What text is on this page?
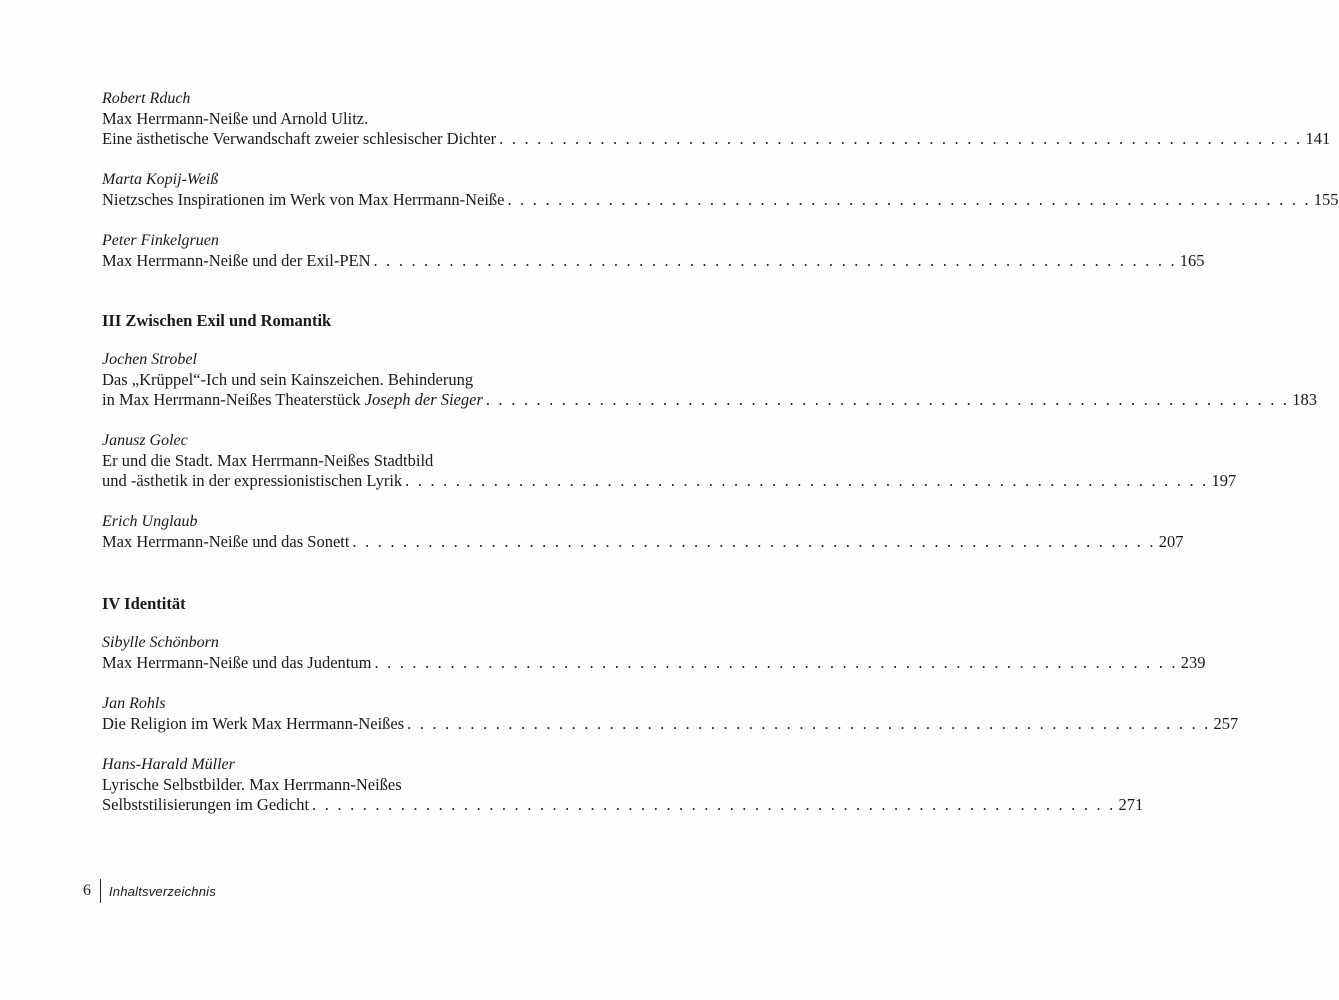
Robert Rduch
Max Herrmann-Neiße und Arnold Ulitz.
Eine ästhetische Verwandschaft zweier schlesischer Dichter . . . . . . . . . . . . . . . . . . . . . . . . . . . . . . . . . . . . . . . . . . . . . . . . . . . . . . . . . . . . . . . . 141
Marta Kopij-Weiß
Nietzsches Inspirationen im Werk von Max Herrmann-Neiße . . . . . . . . . . . . . . . . . . . . . . . . . . . . . . . . . . . . . . . . . . . . . . . . . . . . . . . . . . . . . . . . 155
Peter Finkelgruen
Max Herrmann-Neiße und der Exil-PEN . . . . . . . . . . . . . . . . . . . . . . . . . . . . . . . . . . . . . . . . . . . . . . . . . . . . . . . . . . . . . . . . 165
III Zwischen Exil und Romantik
Jochen Strobel
Das „Krüppel“-Ich und sein Kainszeichen. Behinderung
in Max Herrmann-Neißes Theaterstück Joseph der Sieger . . . . . . . . . . . . . . . . . . . . . . . . . . . . . . . . . . . . . . . . . . . . . . . . . . . . . . . . . . . . . . . . 183
Janusz Golec
Er und die Stadt. Max Herrmann-Neißes Stadtbild
und -ästhetik in der expressionistischen Lyrik . . . . . . . . . . . . . . . . . . . . . . . . . . . . . . . . . . . . . . . . . . . . . . . . . . . . . . . . . . . . . . . . 197
Erich Unglaub
Max Herrmann-Neiße und das Sonett . . . . . . . . . . . . . . . . . . . . . . . . . . . . . . . . . . . . . . . . . . . . . . . . . . . . . . . . . . . . . . . . 207
IV Identität
Sibylle Schönborn
Max Herrmann-Neiße und das Judentum . . . . . . . . . . . . . . . . . . . . . . . . . . . . . . . . . . . . . . . . . . . . . . . . . . . . . . . . . . . . . . . . 239
Jan Rohls
Die Religion im Werk Max Herrmann-Neißes . . . . . . . . . . . . . . . . . . . . . . . . . . . . . . . . . . . . . . . . . . . . . . . . . . . . . . . . . . . . . . . . 257
Hans-Harald Müller
Lyrische Selbstbilder. Max Herrmann-Neißes
Selbststilisierungen im Gedicht . . . . . . . . . . . . . . . . . . . . . . . . . . . . . . . . . . . . . . . . . . . . . . . . . . . . . . . . . . . . . . . . 271
6 Inhaltsverzeichnis
